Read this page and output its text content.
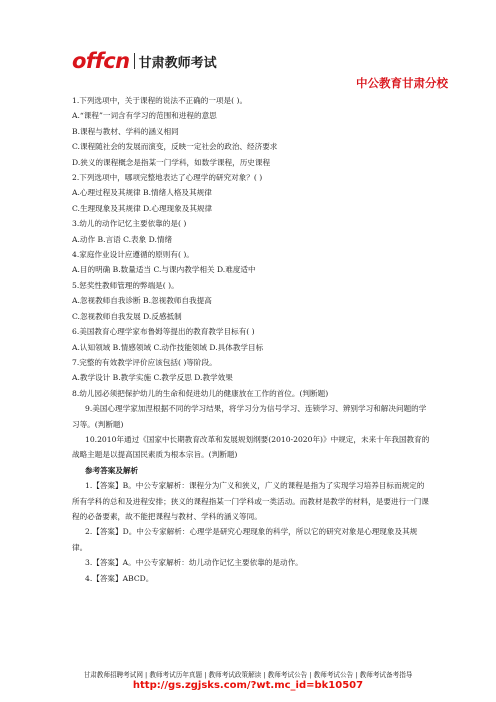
offcn 甘肃教师考试
中公教育甘肃分校

1.下列选项中，关于课程的说法不正确的一项是( )。

A.“课程”一词含有学习的范围和进程的意思

B.课程与教材、学科的涵义相同

C.课程随社会的发展而演变，反映一定社会的政治、经济要求

D.狭义的课程概念是指某一门学科，如数学课程，历史课程

2.下列选项中，哪项完整地表达了心理学的研究对象？( )

A.心理过程及其规律 B.情绪人格及其规律

C.生理现象及其规律 D.心理现象及其规律

3.幼儿的动作记忆主要依靠的是( )

A.动作 B.言语 C.表象 D.情绪

4.家庭作业设计应遵循的原则有( )。

A.目的明确 B.数量适当 C.与课内教学相关 D.难度适中

5.惩奖性教师管理的弊端是( )。

A.忽视教师自我诊断 B.忽视教师自我提高

C.忽视教师自我发展 D.反感抵制

6.美国教育心理学家布鲁姆等提出的教育教学目标有( )

A.认知领域 B.情感领域 C.动作技能领域 D.具体教学目标

7.完整的有效教学评价应该包括( )等阶段。

A.教学设计 B.教学实施 C.教学反思 D.教学效果

8.幼儿园必须把保护幼儿的生命和促进幼儿的健康放在工作的首位。(判断题)

9.美国心理学家加涅根据不同的学习结果，将学习分为信号学习、连锁学习、辨别学习和解决问题的学习等。(判断题)

10.2010年通过《国家中长期教育改革和发展规划纲要(2010-2020年)》中规定，未来十年我国教育的战略主题是以提高国民素质为根本宗旨。(判断题)

参考答案及解析

1.【答案】B。中公专家解析：课程分为广义和狭义，广义的课程是指为了实现学习培养目标而规定的所有学科的总和及进程安排；狭义的课程指某一门学科或一类活动。而教材是教学的材料，是要进行一门课程的必备要素，故不能把课程与教材、学科的涵义等同。

2.【答案】D。中公专家解析：心理学是研究心理现象的科学，所以它的研究对象是心理现象及其规律。

3.【答案】A。中公专家解析：幼儿动作记忆主要依靠的是动作。

4.【答案】ABCD。

甘肃教师招聘考试网 | 教师考试历年真题 | 教师考试政策解读 | 教师考试公告 | 教师考试公告 | 教师考试备考指导
http://gs.zgjsks.com/?wt.mc_id=bk10507
